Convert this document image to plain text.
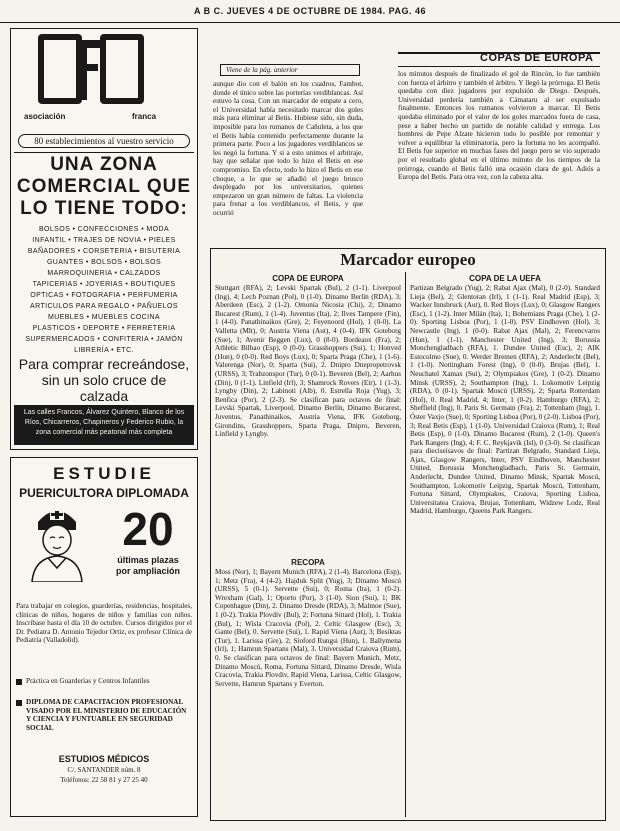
A B C. JUEVES 4 DE OCTUBRE DE 1984. PAG. 46
asociación	franca
80 establecimientos al vuestro servicio
UNA ZONA
COMERCIAL QUE
LO TIENE TODO:
BOLSOS • CONFECCIONES • MODA
INFANTIL • TRAJES DE NOVIA • PIELES
BAÑADORES • CORSETERIA • BISUTERIA
GUANTES • BOLSOS • BOLSOS
MARROQUINERIA • CALZADOS
TAPICERIAS • JOYERIAS • BOUTIQUES
OPTICAS • FOTOGRAFIA • PERFUMERIA
ARTICULOS PARA REGALO • PAÑUELOS
MUEBLES • MUEBLES COCINA
PLASTICOS • DEPORTE • FERRETERIA
SUPERMERCADOS • CONFITERIA • JAMÓN
LIBRERÍA • ETC.
Para comprar recreándose, sin un solo cruce de calzada
Las calles Francos, Álvarez Quintero, Blanco de los Ríos, Chicarreros, Chapineros y Federico Rubio, la zona comercial más peatonal más completa
ESTUDIE
PUERICULTORA DIPLOMADA
20
últimas plazas por ampliación
Para trabajar en colegios, guarderías, residencias, hospitales, clínicas de niños, hogares de niños y familias con niños. Inscríbase hasta el día 10 de octubre. Cursos dirigidos por el Dr. Pediatra D. Antonio Tejedor Ortiz, ex profesor Clínica de Pediatría (Valladolid).
Práctica en Guarderías y Centros Infantiles
DIPLOMA DE CAPACITACIÓN PROFESIONAL VISADO POR EL MINISTERIO DE EDUCACIÓN Y CIENCIA Y FUNTUABLE EN SEGURIDAD SOCIAL
ESTUDIOS MÉDICOS
C/. SANTANDER núm. 8
Teléfonos: 22 58 81 y 27 25 40
Viene de la pág. anterior
aunque dio con el balón en los cuadros, Fambot, donde el único sobre las porterías verdiblancas. Así estuvo la cosa. Con un marcador de empate a cero, el Universidad había necesitado marcar dos goles más para eliminar al Betis. Hubiese sido, sin duda, imposible para los rumanos de Cañuleta, a los que el Betis había contenido perfectamente durante la primera parte. Poco a los jugadores verdiblancos se les negó la fortuna. Y si a esto unimos el arbitraje, hay que señalar que todo lo hizo el Betis en ese compromiso. En efecto, todo lo hizo el Betis en ese choque, a lo que se añadió el juego brusco desplegado por los universitarios, quienes empezaron un gran número de faltas. La violencia para frenar a los verdiblancos, el Betis, y que ocurrió
COPAS DE EUROPA
los minutos después de finalizado el gol de Rincón, lo fue también con fuerza el árbitro y también el árbitro. Y llegó la prórroga. El Betis quedaba con diez jugadores por expulsión de Diego. Después, Universidad perdería también a Cámataru al ser expulsado finalmente. Entonces los rumanos volvieron a marcar. El Betis quedaba eliminado por el valor de los goles marcados fuera de casa, pese a haber hecho un partido de notable calidad y entrega. Los hombres de Pepe Alzate hicieron todo lo posible por remontar y volver a equilibrar la eliminatoria, pero la fortuna no les acompañó. El Betis fue superior en muchas fases del juego pero se vio superado por el resultado global en el último minuto de los tiempos de la prórroga, cuando el Betis falló una ocasión clara de gol. Adiós a Europa del Betis. Para otra vez, con la cabeza alta.
Marcador europeo
COPA DE EUROPA
Stuttgart (RFA), 2; Levski Spartak (Bul), 2 (1-1). Liverpool (Ing), 4; Lech Poznan (Pol), 0 (1-0). Dinamo Berlín (RDA), 3; Aberdeen (Esc), 2 (1-2). Omonia Nicosia (Chi), 2; Dinamo Bucarest (Rum), 1 (1-4). Juventus (Ita), 2; Ilves Tampere (Fin), 1 (4-0). Panathinaikos (Gre), 2; Feyenoord (Hol), 1 (0-0). La Valletta (Mlt), 0; Austria Viena (Aut), 4 (0-4). IFK Goteborg (Sue), 1; Avenir Beggen (Lux), 0 (8-0). Bordeaux (Fra), 2; Athletic Bilbao (Esp), 0 (0-0). Grasshoppers (Sui), 1; Honved (Hun), 0 (0-0). Red Boys (Lux), 0; Sparta Praga (Che), 1 (1-6). Valerenga (Nor), 0; Sparta (Sui), 2. Dnipro Dnepropetrovsk (URSS), 3; Trabzonspor (Tur), 0 (0-1). Beveren (Bel), 2; Aarhus (Din), 0 (1-1). Linfield (Irl), 3; Shamrock Rovers (Eir), 1 (1-3). Lyngby (Din), 2; Labinoti (Alb), 0. Estrella Roja (Yug), 3; Benfica (Por), 2 (2-3). Se clasifican para octavos de final: Levski Spartak, Liverpool, Dinamo Berlín, Dinamo Bucarest, Juventus, Panathinaikos, Austria Viena, IFK Goteborg, Girondins, Grasshoppers, Sparta Praga, Dnipro, Beveren, Linfield y Lyngby.
RECOPA
Moss (Nor), 1; Bayern Munich (RFA), 2 (1-4). Barcelona (Esp), 1; Metz (Fra), 4 (4-2). Hajduk Split (Yug), 3; Dinamo Moscú (URSS), 5 (0-1). Servette (Sui), 0; Roma (Ita), 1 (0-2). Wrexham (Gal), 1; Oporto (Por), 3 (1-0). Sion (Sui), 1; BK Copenhague (Din), 2. Dinamo Dresde (RDA), 3; Malmoe (Sue), 1 (0-2). Trakia Plovdiv (Bul), 2; Fortuna Sittard (Hol), 1. Trakia (Bul), 1; Wisla Cracovia (Pol), 2. Celtic Glasgow (Esc), 3; Gante (Bel), 0. Servette (Sui), 1. Rapid Viena (Aut), 3; Besiktas (Tur), 1. Larissa (Gre), 2; Sioford Rungsi (Hun), 1. Ballymena (Irl), 1; Hamrun Spartans (Mal), 3. Universidad Craiova (Rum), 0. Se clasifican para octavos de final: Bayern Munich, Metz, Dinamo Moscú, Roma, Fortuna Sittard, Dinamo Dresde, Wisla Cracovia, Trakia Plovdiv, Rapid Viena, Larissa, Celtic Glasgow, Servette, Hamrun Spartans y Everton.
COPA DE LA UEFA
Partizan Belgrado (Yug), 2; Rabat Ajax (Mal), 0 (2-0). Standard Lieja (Bel), 2; Glentoran (Irl), 1 (1-1). Real Madrid (Esp), 3; Wacker Innsbruck (Aut), 0. Red Boys (Lux), 0; Glasgow Rangers (Esc), 1 (1-2). Inter Milán (Ita), 1; Bohemians Praga (Che), 1 (2-0). Sporting Lisboa (Por), 1 (1-0). PSV Eindhoven (Hol), 3; Newcastle (Ing), 1 (0-0). Rabat Ajax (Mal), 2; Ferencvaros (Hun), 1 (1-1). Manchester United (Ing), 3; Borussia Monchengladbach (RFA), 1. Dundee United (Esc), 2; AIK Estocolmo (Sue), 0. Werder Bremen (RFA), 2; Anderlecht (Bel), 1 (1-0). Nottingham Forest (Ing), 0 (0-0). Brujas (Bel), 1. Neuchatel Xamax (Sui), 2; Olympiakos (Gre), 1 (0-2). Dinamo Minsk (URSS), 2; Southampton (Ing), 1. Lokomotiv Leipzig (RDA), 0 (0-1). Spartak Moscú (URSS), 2; Sparta Rotterdam (Hol), 0. Real Madrid, 4; Inter, 1 (0-2). Hamburgo (RFA), 2; Sheffield (Ing), 0. Paris St. Germain (Fra), 2; Tottenham (Ing), 1. Óster Vaxjo (Sue), 0; Sporting Lisboa (Por), 0 (2-0). Lisboa (Por), 3; Real Betis (Esp), 1 (1-0). Universidad Craiova (Rum), 1; Real Betis (Esp), 0 (1-0). Dinamo Bucarest (Rum), 2 (1-0). Queen's Park Rangers (Ing), 4; F. C. Reykjavik (Isl), 0 (3-0). Se clasifican para dieciseisavos de final: Partizan Belgrado, Standard Lieja, Ajax, Glasgow Rangers, Inter, PSV Eindhoven, Manchester United, Borussia Monchengladbach, Paris St. Germain, Anderlecht, Dundee United, Dinamo Minsk, Spartak Moscú, Southampton, Lokomotiv Leipzig, Spartak Moscú, Tottenham, Fortuna Sittard, Olympiakos, Craiova, Sporting Lisboa, Universitatea Craiova, Brujas, Tottenham, Widzew Lodz, Real Madrid, Hamburgo, Queens Park Rangers.
